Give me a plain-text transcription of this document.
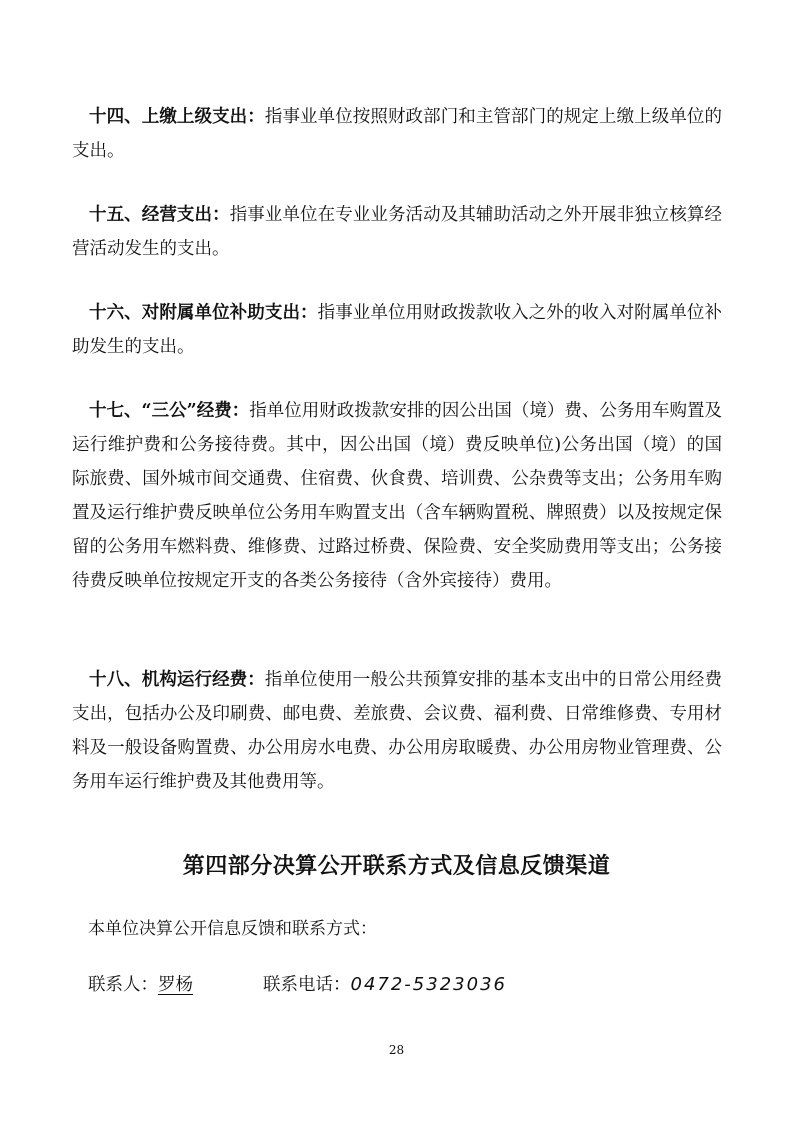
十四、上缴上级支出：指事业单位按照财政部门和主管部门的规定上缴上级单位的支出。

十五、经营支出：指事业单位在专业业务活动及其辅助活动之外开展非独立核算经营活动发生的支出。

十六、对附属单位补助支出：指事业单位用财政拨款收入之外的收入对附属单位补助发生的支出。

十七、“三公”经费：指单位用财政拨款安排的因公出国（境）费、公务用车购置及运行维护费和公务接待费。其中，因公出国（境）费反映单位)公务出国（境）的国际旅费、国外城市间交通费、住宿费、伙食费、培训费、公杂费等支出；公务用车购置及运行维护费反映单位公务用车购置支出（含车辆购置税、牌照费）以及按规定保留的公务用车燃料费、维修费、过路过桥费、保险费、安全奖励费用等支出；公务接待费反映单位按规定开支的各类公务接待（含外宾接待）费用。

十八、机构运行经费：指单位使用一般公共预算安排的基本支出中的日常公用经费支出，包括办公及印刷费、邮电费、差旅费、会议费、福利费、日常维修费、专用材料及一般设备购置费、办公用房水电费、办公用房取暖费、办公用房物业管理费、公务用车运行维护费及其他费用等。

第四部分决算公开联系方式及信息反馈渠道

本单位决算公开信息反馈和联系方式：

联系人：罗杨	联系电话：0472-5323036

28
